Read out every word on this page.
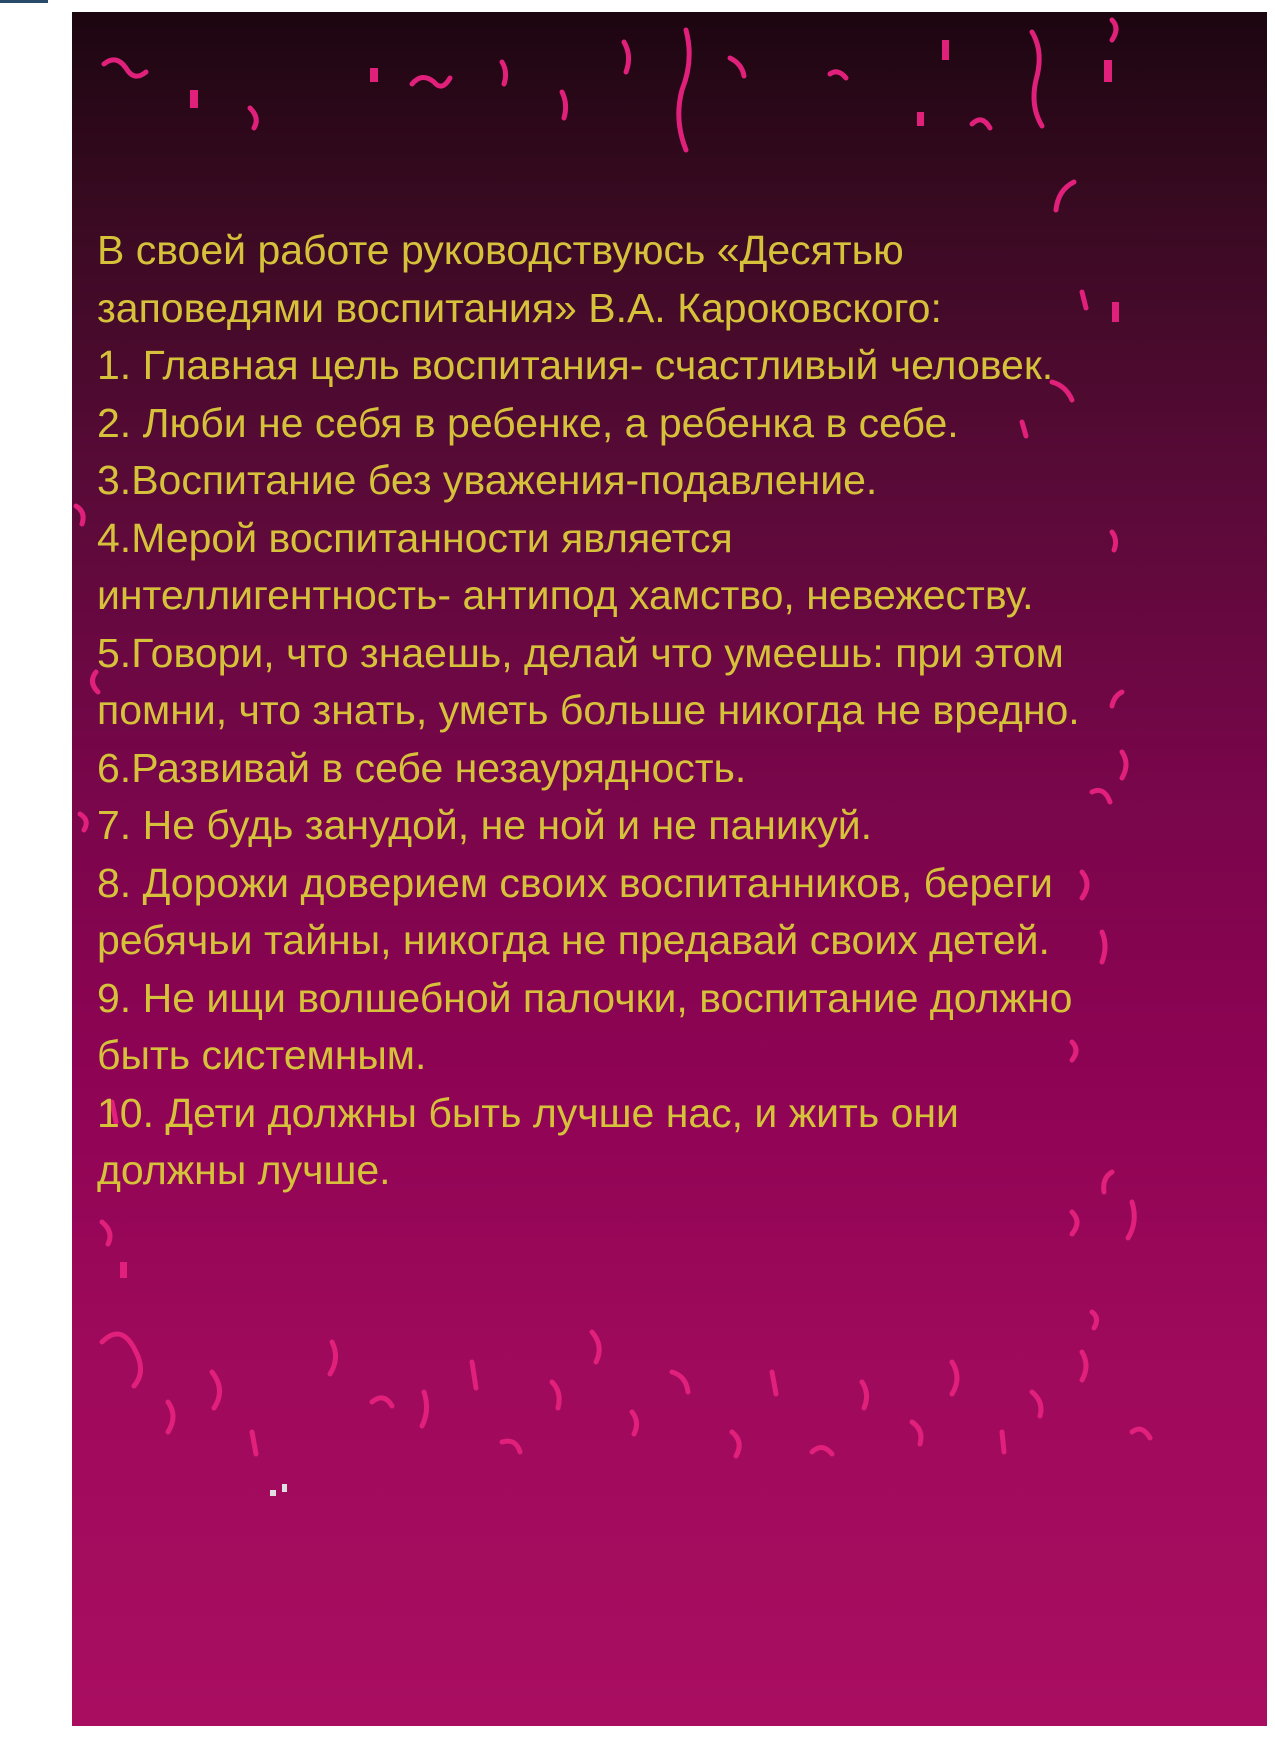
В своей работе руководствуюсь «Десятью
заповедями воспитания» В.А. Кароковского:
1. Главная цель воспитания- счастливый человек.
2. Люби не себя в ребенке, а ребенка в себе.
3.Воспитание без уважения-подавление.
4.Мерой воспитанности является
интеллигентность- антипод хамство, невежеству.
5.Говори, что знаешь, делай что умеешь: при этом
помни, что знать, уметь больше никогда не вредно.
6.Развивай в себе незаурядность.
7. Не будь занудой, не ной и не паникуй.
8. Дорожи доверием своих воспитанников, береги
ребячьи тайны, никогда не предавай своих детей.
9. Не ищи волшебной палочки, воспитание должно
быть системным.
10. Дети должны быть лучше нас, и жить они
должны лучше.
